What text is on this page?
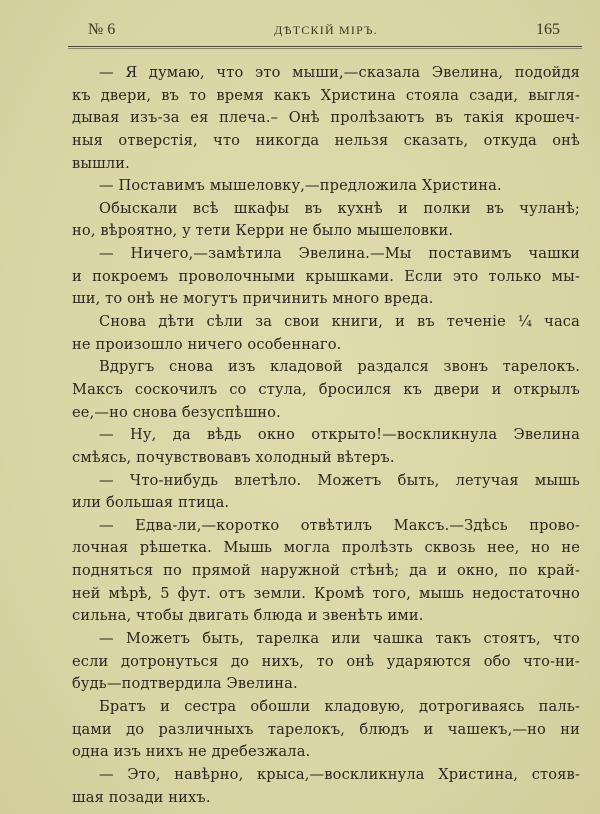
№ 6	ДѢТСКІЙ МІРЪ.	165
— Я думаю, что это мыши,—сказала Эвелина, подойдя
къ двери, въ то время какъ Христина стояла сзади, выгля-
дывая изъ-за ея плеча.– Онѣ пролѣзаютъ въ такія крошеч-
ныя отверстія, что никогда нельзя сказать, откуда онѣ
вышли.
— Поставимъ мышеловку,—предложила Христина.
Обыскали всѣ шкафы въ кухнѣ и полки въ чуланѣ;
но, вѣроятно, у тети Керри не было мышеловки.
— Ничего,—замѣтила Эвелина.—Мы поставимъ чашки
и покроемъ проволочными крышками. Если это только мы-
ши, то онѣ не могутъ причинить много вреда.
Снова дѣти сѣли за свои книги, и въ теченіе ¼ часа
не произошло ничего особеннаго.
Вдругъ снова изъ кладовой раздался звонъ тарелокъ.
Максъ соскочилъ со стула, бросился къ двери и открылъ
ее,—но снова безуспѣшно.
— Ну, да вѣдь окно открыто!—воскликнула Эвелина
смѣясь, почувствовавъ холодный вѣтеръ.
— Что-нибудь влетѣло. Можетъ быть, летучая мышь
или большая птица.
— Едва-ли,—коротко отвѣтилъ Максъ.—Здѣсь прово-
лочная рѣшетка. Мышь могла пролѣзть сквозь нее, но не
подняться по прямой наружной стѣнѣ; да и окно, по край-
ней мѣрѣ, 5 фут. отъ земли. Кромѣ того, мышь недостаточно
сильна, чтобы двигать блюда и звенѣть ими.
— Можетъ быть, тарелка или чашка такъ стоятъ, что
если дотронуться до нихъ, то онѣ ударяются обо что-ни-
будь—подтвердила Эвелина.
Братъ и сестра обошли кладовую, дотрогиваясь паль-
цами до различныхъ тарелокъ, блюдъ и чашекъ,—но ни
одна изъ нихъ не дребезжала.
— Это, навѣрно, крыса,—воскликнула Христина, стояв-
шая позади нихъ.
